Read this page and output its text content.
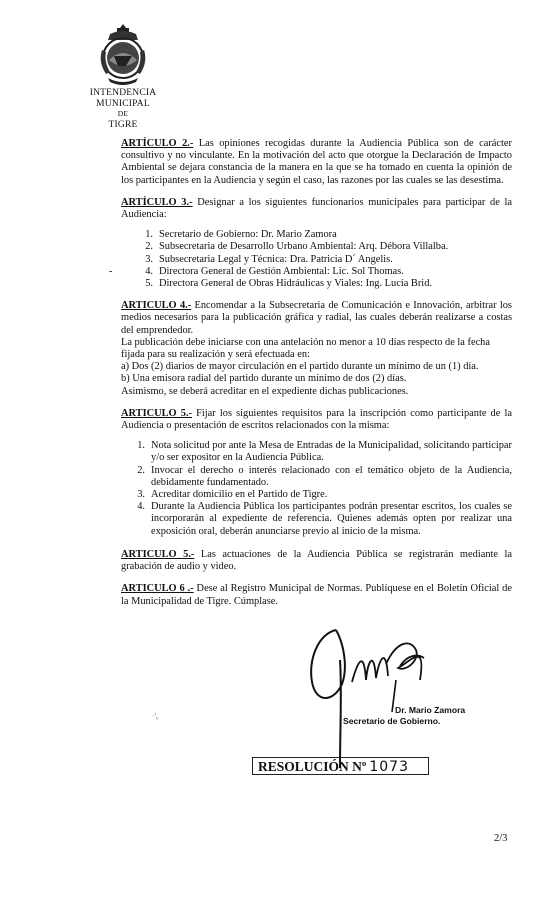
INTENDENCIA MUNICIPAL

DE
TIGRE

ARTÍCULO 2.- Las opiniones recogidas durante la Audiencia Pública son de carácter consultivo y no vinculante. En la motivación del acto que otorgue la Declaración de Impacto Ambiental se dejara constancia de la manera en la que se ha tomado en cuenta la opinión de los participantes en la Audiencia y según el caso, las razones por las cuales se las desestima.

ARTÍCULO 3.- Designar a los siguientes funcionarios municipales para participar de la Audiencia:

1. Secretario de Gobierno: Dr. Mario Zamora
2. Subsecretaria de Desarrollo Urbano Ambiental: Arq. Débora Villalba.
3. Subsecretaria Legal y Técnica: Dra. Patricia D´ Angelis.
- 4. Directora General de Gestión Ambiental: Lic. Sol Thomas.
5. Directora General de Obras Hidráulicas y Viales: Ing. Lucía Brid.

ARTICULO 4.- Encomendar a la Subsecretaria de Comunicación e Innovación, arbitrar los medios necesarios para la publicación gráfica y radial, las cuales deberán realizarse a costas del emprendedor.

La publicación debe iniciarse con una antelación no menor a 10 días respecto de la fecha fijada para su realización y será efectuada en:
a) Dos (2) diarios de mayor circulación en el partido durante un mínimo de un (1) día.
b) Una emisora radial del partido durante un mínimo de dos (2) días.
Asimismo, se deberá acreditar en el expediente dichas publicaciones.

ARTICULO 5.- Fijar los siguientes requisitos para la inscripción como participante de la Audiencia o presentación de escritos relacionados con la misma:

1. Nota solicitud por ante la Mesa de Entradas de la Municipalidad, solicitando participar y/o ser expositor en la Audiencia Pública.
2. Invocar el derecho o interés relacionado con el temático objeto de la Audiencia, debidamente fundamentado.
3. Acreditar domicilio en el Partido de Tigre.
4. Durante la Audiencia Pública los participantes podrán presentar escritos, los cuales se incorporarán al expediente de referencia. Quienes además opten por realizar una exposición oral, deberán anunciarse previo al inicio de la misma.

ARTICULO 5.- Las actuaciones de la Audiencia Pública se registrarán mediante la grabación de audio y video.

ARTICULO 6 .- Dese al Registro Municipal de Normas. Publíquese en el Boletín Oficial de la Municipalidad de Tigre. Cúmplase.

Dr. Mario Zamora
Secretario de Gobierno.
·’̢
RESOLUCIÓN Nº 1073
2/3
